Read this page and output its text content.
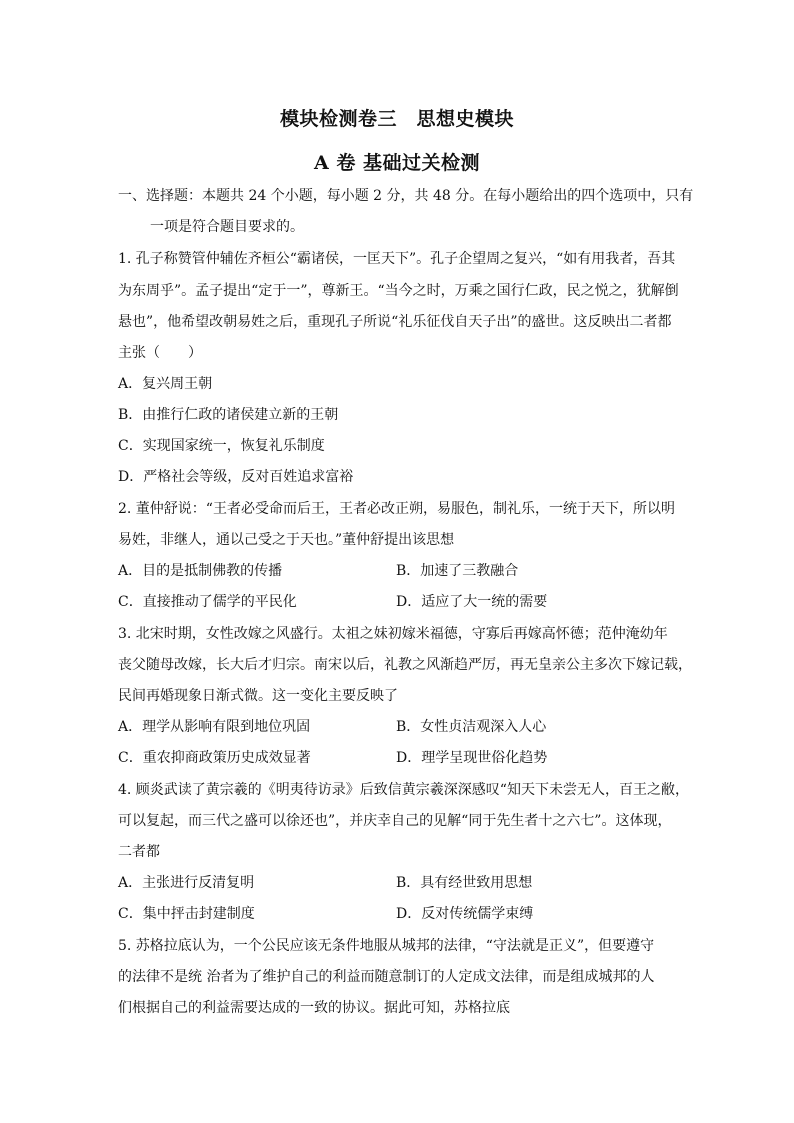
模块检测卷三　思想史模块
A 卷 基础过关检测
一、选择题：本题共 24 个小题，每小题 2 分，共 48 分。在每小题给出的四个选项中，只有
一项是符合题目要求的。
1. 孔子称赞管仲辅佐齐桓公“霸诸侯，一匡天下”。孔子企望周之复兴，“如有用我者，吾其
为东周乎”。孟子提出“定于一”，尊新王。“当今之时，万乘之国行仁政，民之悦之，犹解倒
悬也”，他希望改朝易姓之后，重现孔子所说“礼乐征伐自天子出”的盛世。这反映出二者都
主张（　　）
A．复兴周王朝
B．由推行仁政的诸侯建立新的王朝
C．实现国家统一，恢复礼乐制度
D．严格社会等级，反对百姓追求富裕
2. 董仲舒说：“王者必受命而后王，王者必改正朔，易服色，制礼乐，一统于天下，所以明
易姓，非继人，通以己受之于天也。”董仲舒提出该思想
A．目的是抵制佛教的传播	B．加速了三教融合
C．直接推动了儒学的平民化	D．适应了大一统的需要
3. 北宋时期，女性改嫁之风盛行。太祖之妹初嫁米福德，守寡后再嫁高怀德；范仲淹幼年
丧父随母改嫁，长大后才归宗。南宋以后，礼教之风渐趋严厉，再无皇亲公主多次下嫁记载，
民间再婚现象日渐式微。这一变化主要反映了
A．理学从影响有限到地位巩固	B．女性贞洁观深入人心
C．重农抑商政策历史成效显著	D．理学呈现世俗化趋势
4. 顾炎武读了黄宗羲的《明夷待访录》后致信黄宗羲深深感叹“知天下未尝无人，百王之敝，
可以复起，而三代之盛可以徐还也”，并庆幸自己的见解“同于先生者十之六七”。这体现，
二者都
A．主张进行反清复明	B．具有经世致用思想
C．集中抨击封建制度	D．反对传统儒学束缚
5. 苏格拉底认为，一个公民应该无条件地服从城邦的法律，“守法就是正义”，但要遵守
的法律不是统 治者为了维护自己的利益而随意制订的人定成文法律，而是组成城邦的人
们根据自己的利益需要达成的一致的协议。据此可知，苏格拉底
